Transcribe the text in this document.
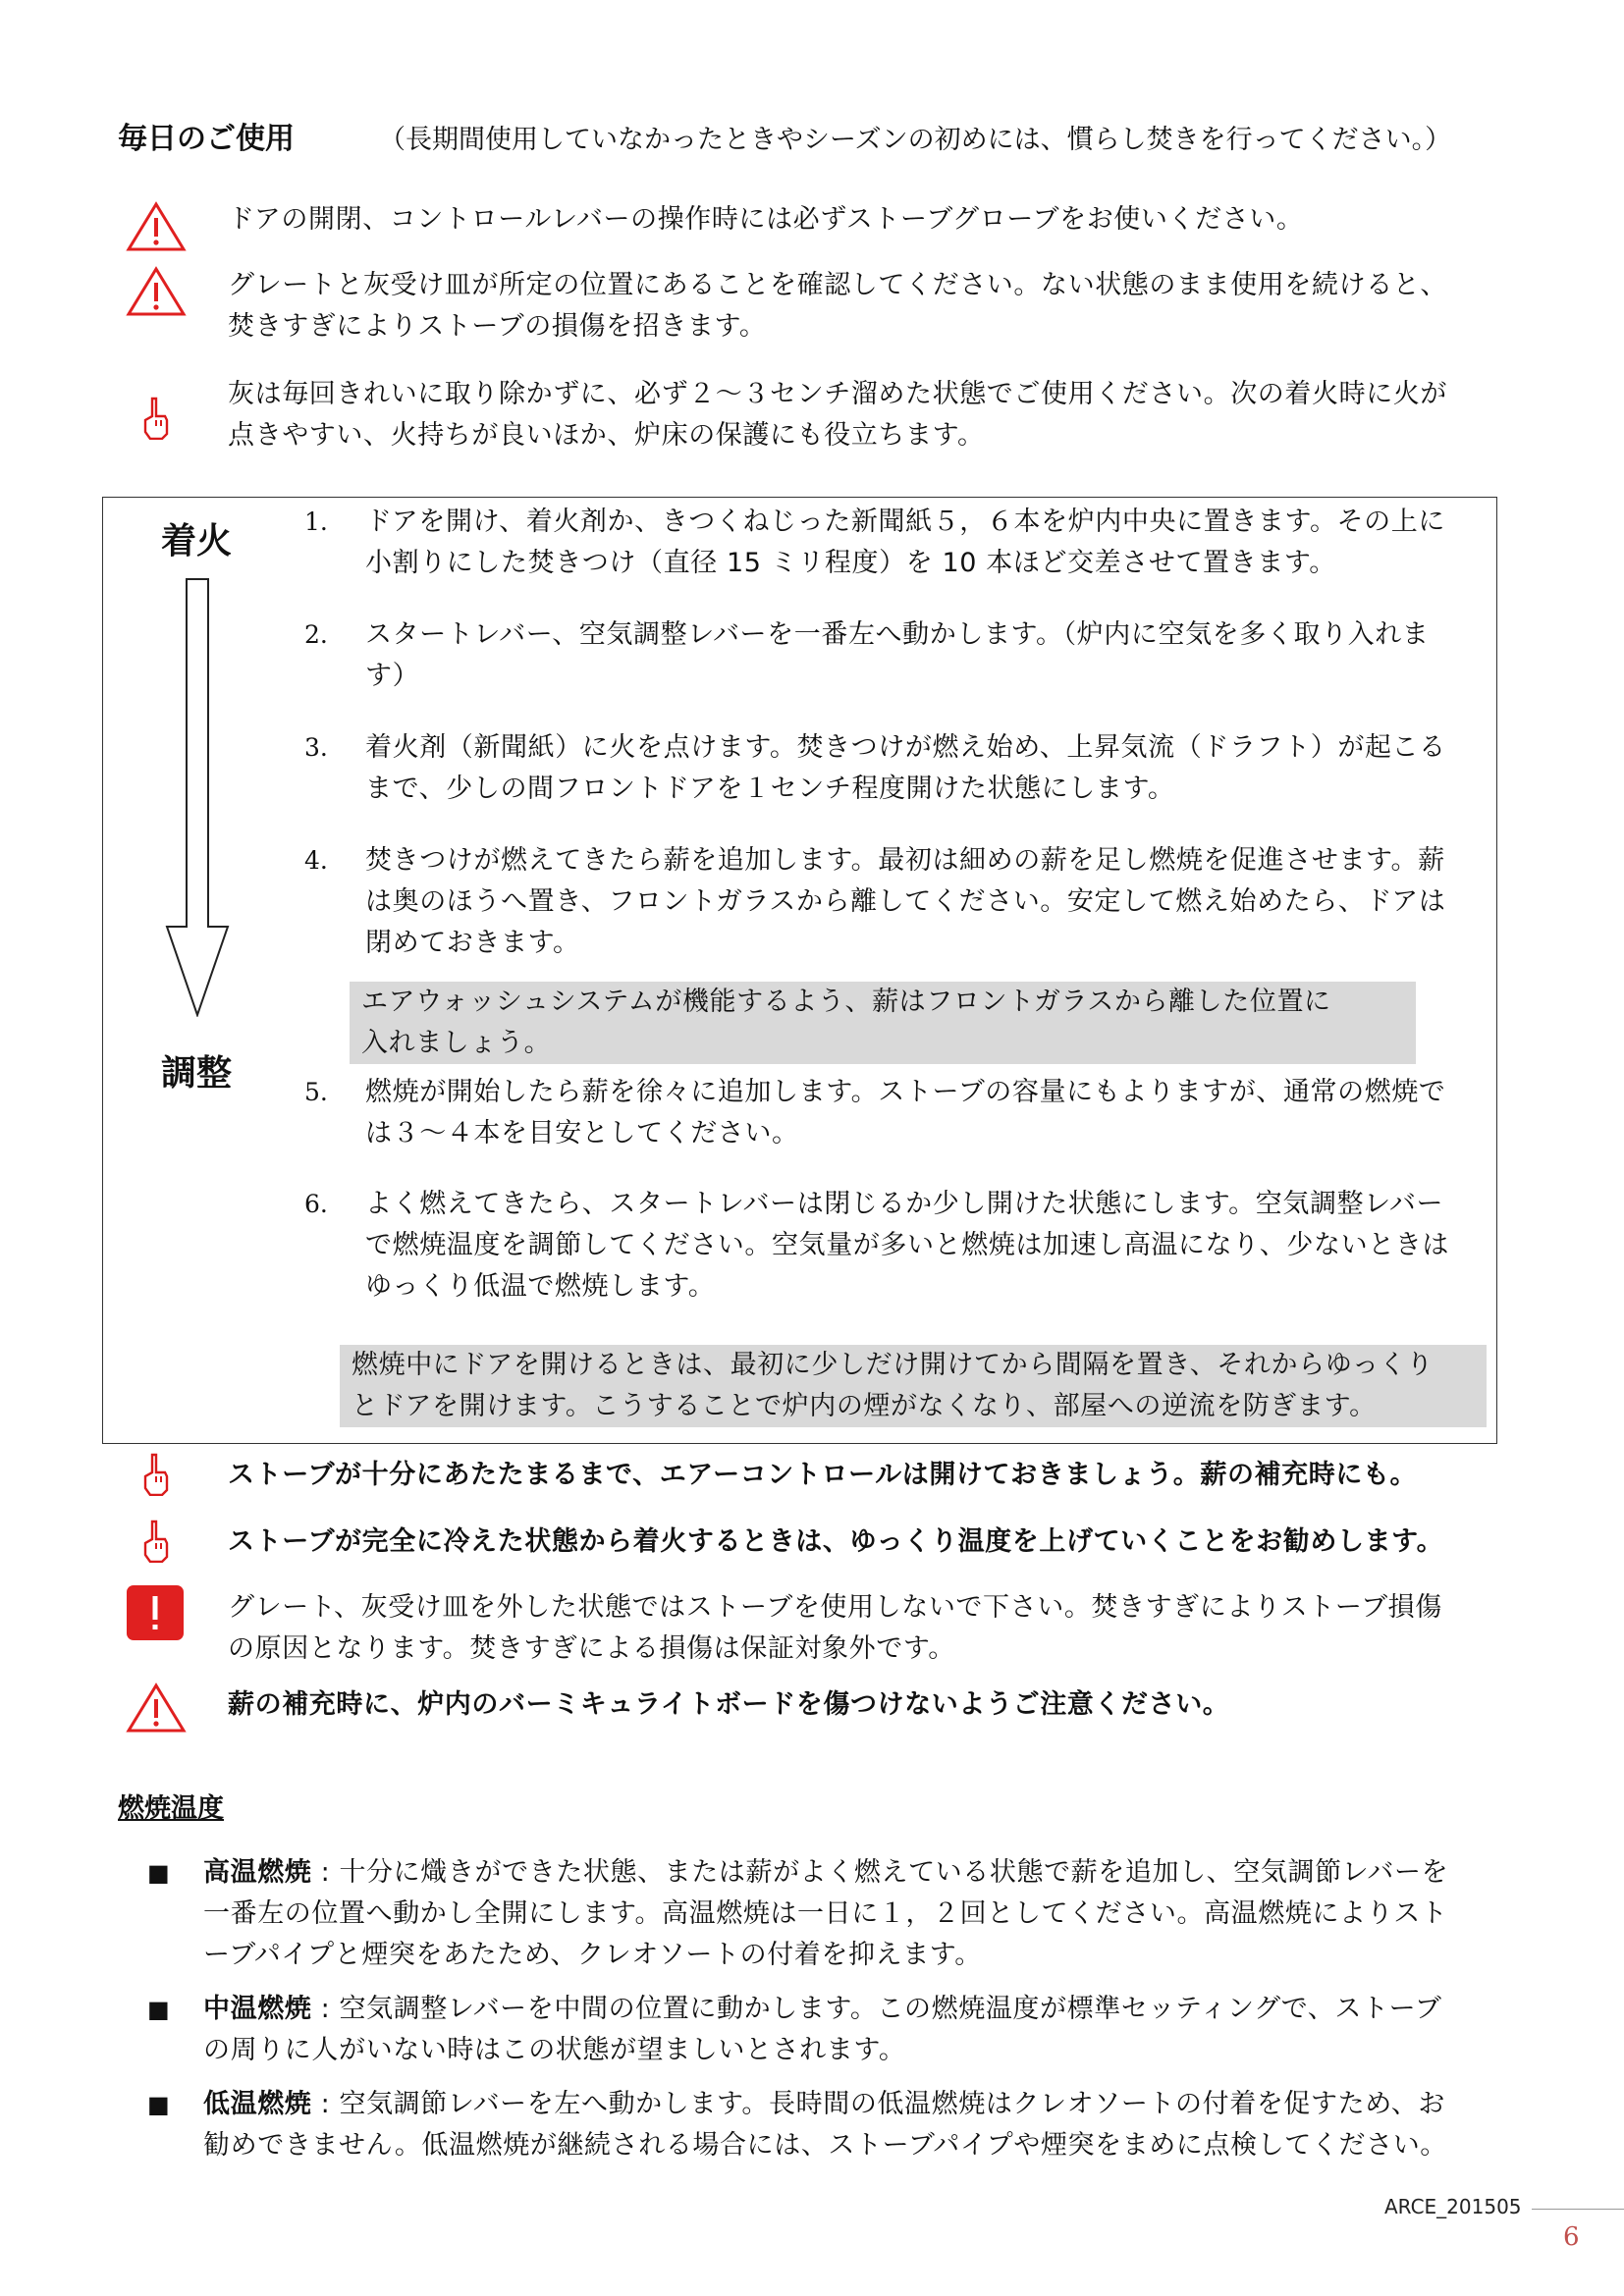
毎日のご使用	（長期間使用していなかったときやシーズンの初めには、慣らし焚きを行ってください。）
ドアの開閉、コントロールレバーの操作時には必ずストーブグローブをお使いください。
グレートと灰受け皿が所定の位置にあることを確認してください。ない状態のまま使用を続けると、
焚きすぎによりストーブの損傷を招きます。
灰は毎回きれいに取り除かずに、必ず２～３センチ溜めた状態でご使用ください。次の着火時に火が
点きやすい、火持ちが良いほか、炉床の保護にも役立ちます。
着火
調整
1. ドアを開け、着火剤か、きつくねじった新聞紙５，６本を炉内中央に置きます。その上に
小割りにした焚きつけ（直径 15 ミリ程度）を 10 本ほど交差させて置きます。
2. スタートレバー、空気調整レバーを一番左へ動かします。（炉内に空気を多く取り入れま
す）
3. 着火剤（新聞紙）に火を点けます。焚きつけが燃え始め、上昇気流（ドラフト）が起こる
まで、少しの間フロントドアを１センチ程度開けた状態にします。
4. 焚きつけが燃えてきたら薪を追加します。最初は細めの薪を足し燃焼を促進させます。薪
は奥のほうへ置き、フロントガラスから離してください。安定して燃え始めたら、ドアは
閉めておきます。
エアウォッシュシステムが機能するよう、薪はフロントガラスから離した位置に
入れましょう。
5. 燃焼が開始したら薪を徐々に追加します。ストーブの容量にもよりますが、通常の燃焼で
は３～４本を目安としてください。
6. よく燃えてきたら、スタートレバーは閉じるか少し開けた状態にします。空気調整レバー
で燃焼温度を調節してください。空気量が多いと燃焼は加速し高温になり、少ないときは
ゆっくり低温で燃焼します。
燃焼中にドアを開けるときは、最初に少しだけ開けてから間隔を置き、それからゆっくり
とドアを開けます。こうすることで炉内の煙がなくなり、部屋への逆流を防ぎます。
ストーブが十分にあたたまるまで、エアーコントロールは開けておきましょう。薪の補充時にも。
ストーブが完全に冷えた状態から着火するときは、ゆっくり温度を上げていくことをお勧めします。
グレート、灰受け皿を外した状態ではストーブを使用しないで下さい。焚きすぎによりストーブ損傷
の原因となります。焚きすぎによる損傷は保証対象外です。
薪の補充時に、炉内のバーミキュライトボードを傷つけないようご注意ください。
燃焼温度
■ 高温燃焼 : 十分に熾きができた状態、または薪がよく燃えている状態で薪を追加し、空気調節レバーを
一番左の位置へ動かし全開にします。高温燃焼は一日に１，２回としてください。高温燃焼によりスト
ーブパイプと煙突をあたため、クレオソートの付着を抑えます。
■ 中温燃焼 : 空気調整レバーを中間の位置に動かします。この燃焼温度が標準セッティングで、ストーブ
の周りに人がいない時はこの状態が望ましいとされます。
■ 低温燃焼 : 空気調節レバーを左へ動かします。長時間の低温燃焼はクレオソートの付着を促すため、お
勧めできません。低温燃焼が継続される場合には、ストーブパイプや煙突をまめに点検してください。
ARCE_201505
6
